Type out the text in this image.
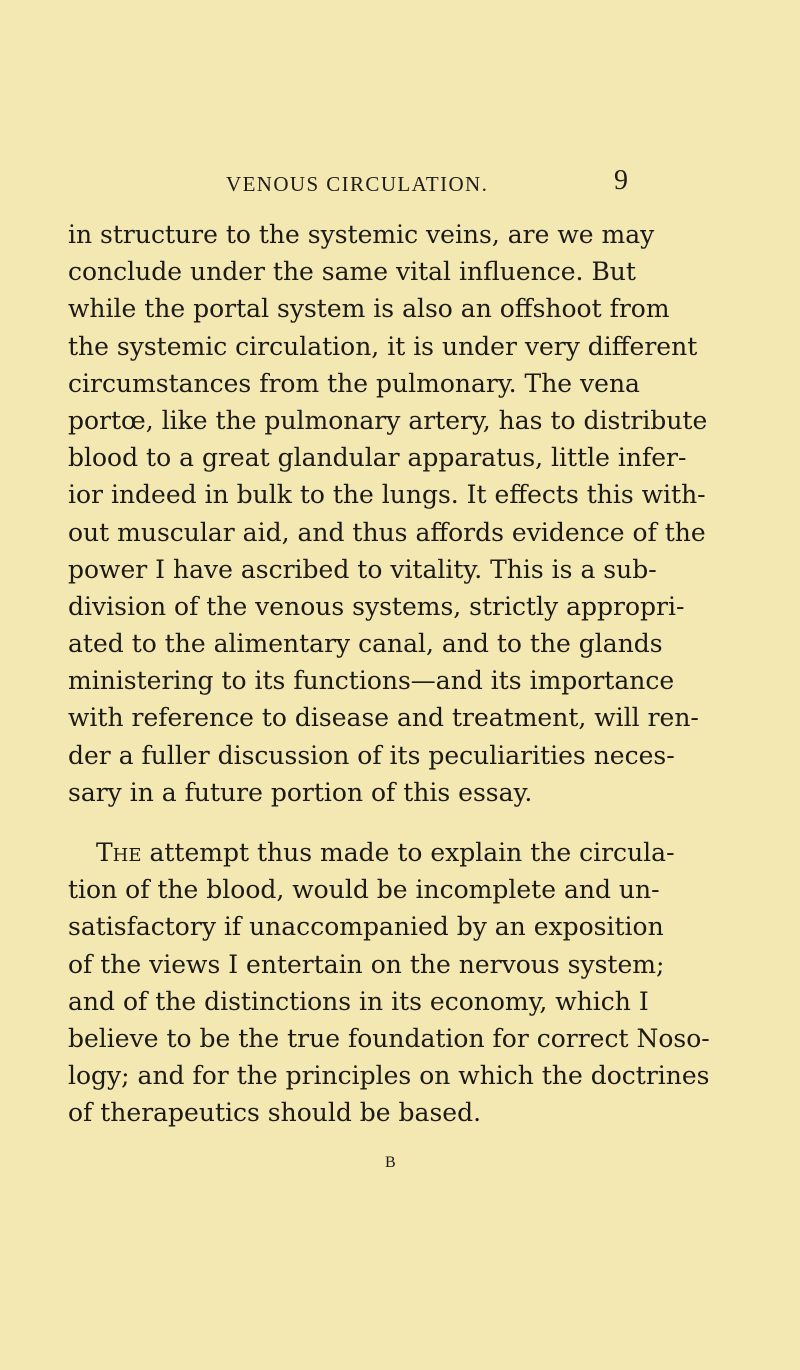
VENOUS CIRCULATION.	9
in structure to the systemic veins, are we may
conclude under the same vital influence. But
while the portal system is also an offshoot from
the systemic circulation, it is under very different
circumstances from the pulmonary. The vena
portœ, like the pulmonary artery, has to distribute
blood to a great glandular apparatus, little infer-
ior indeed in bulk to the lungs. It effects this with-
out muscular aid, and thus affords evidence of the
power I have ascribed to vitality. This is a sub-
division of the venous systems, strictly appropri-
ated to the alimentary canal, and to the glands
ministering to its functions—and its importance
with reference to disease and treatment, will ren-
der a fuller discussion of its peculiarities neces-
sary in a future portion of this essay.
The attempt thus made to explain the circula-
tion of the blood, would be incomplete and un-
satisfactory if unaccompanied by an exposition
of the views I entertain on the nervous system;
and of the distinctions in its economy, which I
believe to be the true foundation for correct Noso-
logy; and for the principles on which the doctrines
of therapeutics should be based.
B
